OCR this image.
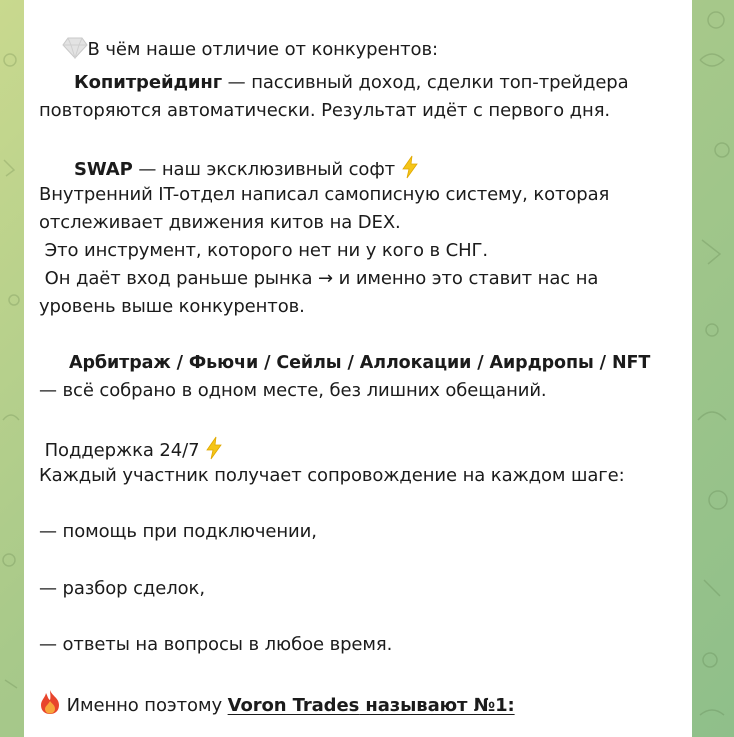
В чём наше отличие от конкурентов:

Копитрейдинг — пассивный доход, сделки топ-трейдера
повторяются автоматически. Результат идёт с первого дня.
SWAP — наш эксклюзивный софт
Внутренний IT-отдел написал самописную систему, которая
отслеживает движения китов на DEX.
Это инструмент, которого нет ни у кого в СНГ.
Он даёт вход раньше рынка → и именно это ставит нас на
уровень выше конкурентов.
Арбитраж / Фьючи / Сейлы / Аллокации / Аирдропы / NFT
— всё собрано в одном месте, без лишних обещаний.
Поддержка 24/7
Каждый участник получает сопровождение на каждом шаге:
— помощь при подключении,
— разбор сделок,
— ответы на вопросы в любое время.
Именно поэтому Voron Trades называют №1:
